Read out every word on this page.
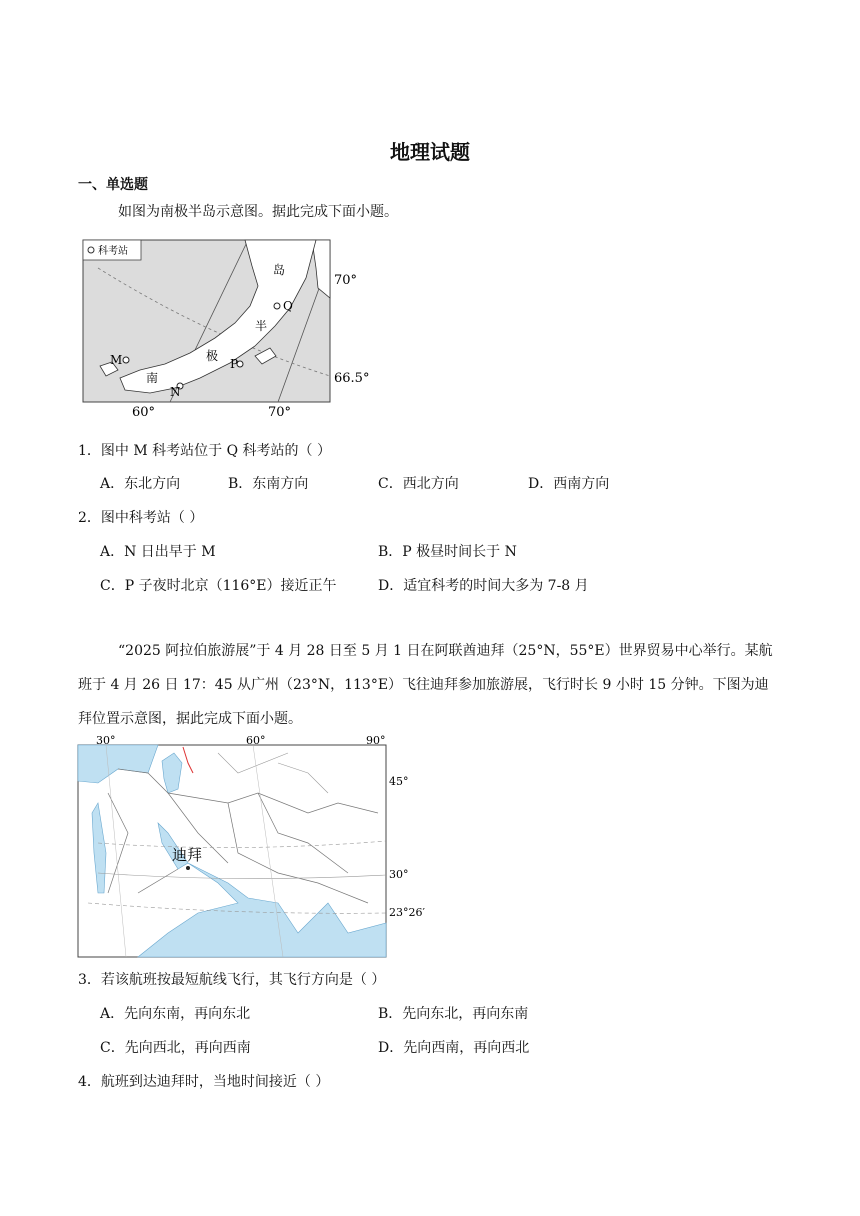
地理试题
一、单选题
如图为南极半岛示意图。据此完成下面小题。
科考站
岛
半
极
南
M
Q
P
N
70°
66.5°
60°	70°
1．图中 M 科考站位于 Q 科考站的（ ）
A．东北方向	B．东南方向	C．西北方向	D．西南方向
2．图中科考站（ ）
A．N 日出早于 M	B．P 极昼时间长于 N
C．P 子夜时北京（116°E）接近正午	D．适宜科考的时间大多为 7-8 月
“2025 阿拉伯旅游展”于 4 月 28 日至 5 月 1 日在阿联酋迪拜（25°N，55°E）世界贸易中心举行。某航
班于 4 月 26 日 17：45 从广州（23°N，113°E）飞往迪拜参加旅游展，飞行时长 9 小时 15 分钟。下图为迪
拜位置示意图，据此完成下面小题。
30°	60°	90°
45°
30°
23°26′
迪拜
3．若该航班按最短航线飞行，其飞行方向是（ ）
A．先向东南，再向东北	B．先向东北，再向东南
C．先向西北，再向西南	D．先向西南，再向西北
4．航班到达迪拜时，当地时间接近（ ）
